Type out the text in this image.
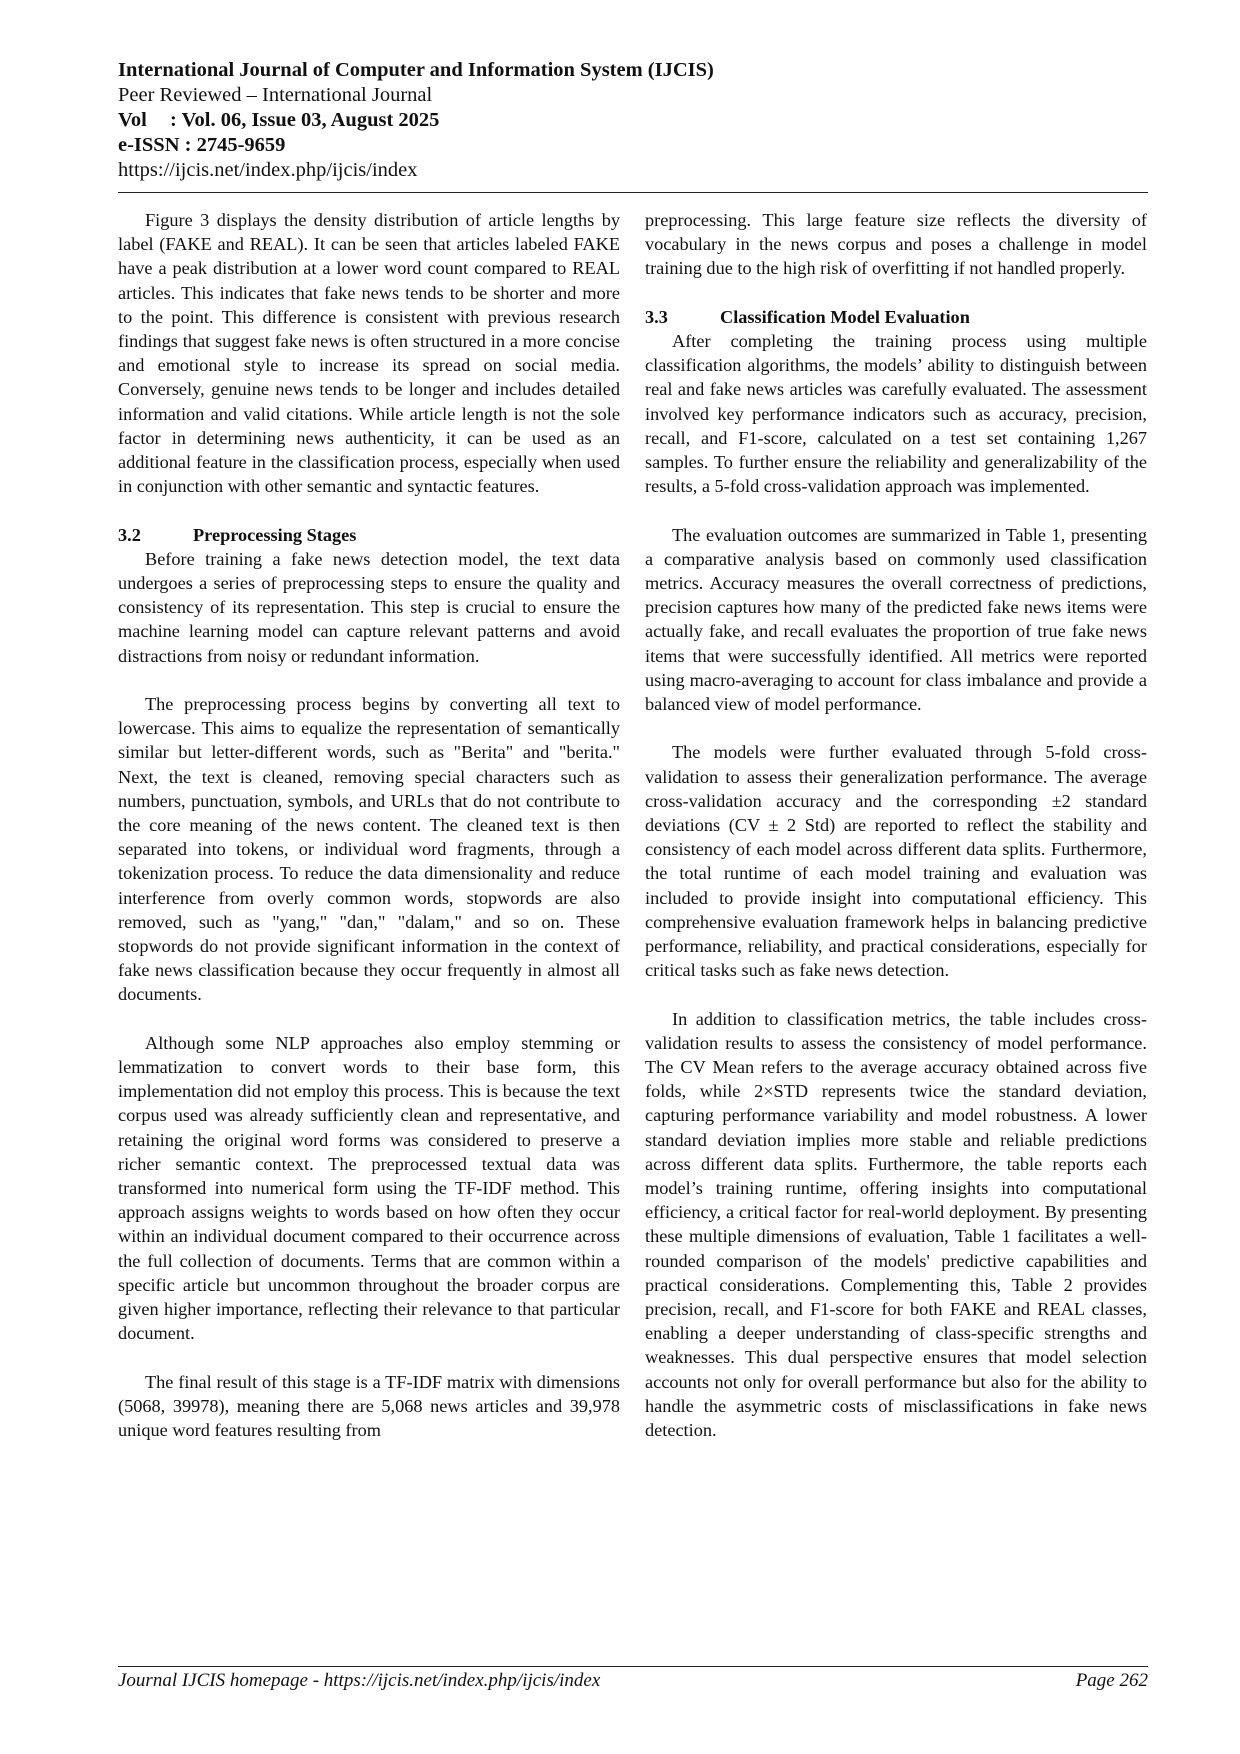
International Journal of Computer and Information System (IJCIS)
Peer Reviewed – International Journal
Vol : Vol. 06, Issue 03, August 2025
e-ISSN : 2745-9659
https://ijcis.net/index.php/ijcis/index

Figure 3 displays the density distribution of article lengths by label (FAKE and REAL). It can be seen that articles labeled FAKE have a peak distribution at a lower word count compared to REAL articles. This indicates that fake news tends to be shorter and more to the point. This difference is consistent with previous research findings that suggest fake news is often structured in a more concise and emotional style to increase its spread on social media. Conversely, genuine news tends to be longer and includes detailed information and valid citations. While article length is not the sole factor in determining news authenticity, it can be used as an additional feature in the classification process, especially when used in conjunction with other semantic and syntactic features.

3.2	Preprocessing Stages

Before training a fake news detection model, the text data undergoes a series of preprocessing steps to ensure the quality and consistency of its representation. This step is crucial to ensure the machine learning model can capture relevant patterns and avoid distractions from noisy or redundant information.

The preprocessing process begins by converting all text to lowercase. This aims to equalize the representation of semantically similar but letter-different words, such as "Berita" and "berita." Next, the text is cleaned, removing special characters such as numbers, punctuation, symbols, and URLs that do not contribute to the core meaning of the news content. The cleaned text is then separated into tokens, or individual word fragments, through a tokenization process. To reduce the data dimensionality and reduce interference from overly common words, stopwords are also removed, such as "yang," "dan," "dalam," and so on. These stopwords do not provide significant information in the context of fake news classification because they occur frequently in almost all documents.

Although some NLP approaches also employ stemming or lemmatization to convert words to their base form, this implementation did not employ this process. This is because the text corpus used was already sufficiently clean and representative, and retaining the original word forms was considered to preserve a richer semantic context. The preprocessed textual data was transformed into numerical form using the TF-IDF method. This approach assigns weights to words based on how often they occur within an individual document compared to their occurrence across the full collection of documents. Terms that are common within a specific article but uncommon throughout the broader corpus are given higher importance, reflecting their relevance to that particular document.

The final result of this stage is a TF-IDF matrix with dimensions (5068, 39978), meaning there are 5,068 news articles and 39,978 unique word features resulting from

preprocessing. This large feature size reflects the diversity of vocabulary in the news corpus and poses a challenge in model training due to the high risk of overfitting if not handled properly.

3.3	Classification Model Evaluation

After completing the training process using multiple classification algorithms, the models’ ability to distinguish between real and fake news articles was carefully evaluated. The assessment involved key performance indicators such as accuracy, precision, recall, and F1-score, calculated on a test set containing 1,267 samples. To further ensure the reliability and generalizability of the results, a 5-fold cross-validation approach was implemented.

The evaluation outcomes are summarized in Table 1, presenting a comparative analysis based on commonly used classification metrics. Accuracy measures the overall correctness of predictions, precision captures how many of the predicted fake news items were actually fake, and recall evaluates the proportion of true fake news items that were successfully identified. All metrics were reported using macro-averaging to account for class imbalance and provide a balanced view of model performance.

The models were further evaluated through 5-fold cross-validation to assess their generalization performance. The average cross-validation accuracy and the corresponding ±2 standard deviations (CV ± 2 Std) are reported to reflect the stability and consistency of each model across different data splits. Furthermore, the total runtime of each model training and evaluation was included to provide insight into computational efficiency. This comprehensive evaluation framework helps in balancing predictive performance, reliability, and practical considerations, especially for critical tasks such as fake news detection.

In addition to classification metrics, the table includes cross-validation results to assess the consistency of model performance. The CV Mean refers to the average accuracy obtained across five folds, while 2×STD represents twice the standard deviation, capturing performance variability and model robustness. A lower standard deviation implies more stable and reliable predictions across different data splits. Furthermore, the table reports each model’s training runtime, offering insights into computational efficiency, a critical factor for real-world deployment. By presenting these multiple dimensions of evaluation, Table 1 facilitates a well-rounded comparison of the models' predictive capabilities and practical considerations. Complementing this, Table 2 provides precision, recall, and F1-score for both FAKE and REAL classes, enabling a deeper understanding of class-specific strengths and weaknesses. This dual perspective ensures that model selection accounts not only for overall performance but also for the ability to handle the asymmetric costs of misclassifications in fake news detection.

Journal IJCIS homepage - https://ijcis.net/index.php/ijcis/index	Page 262
